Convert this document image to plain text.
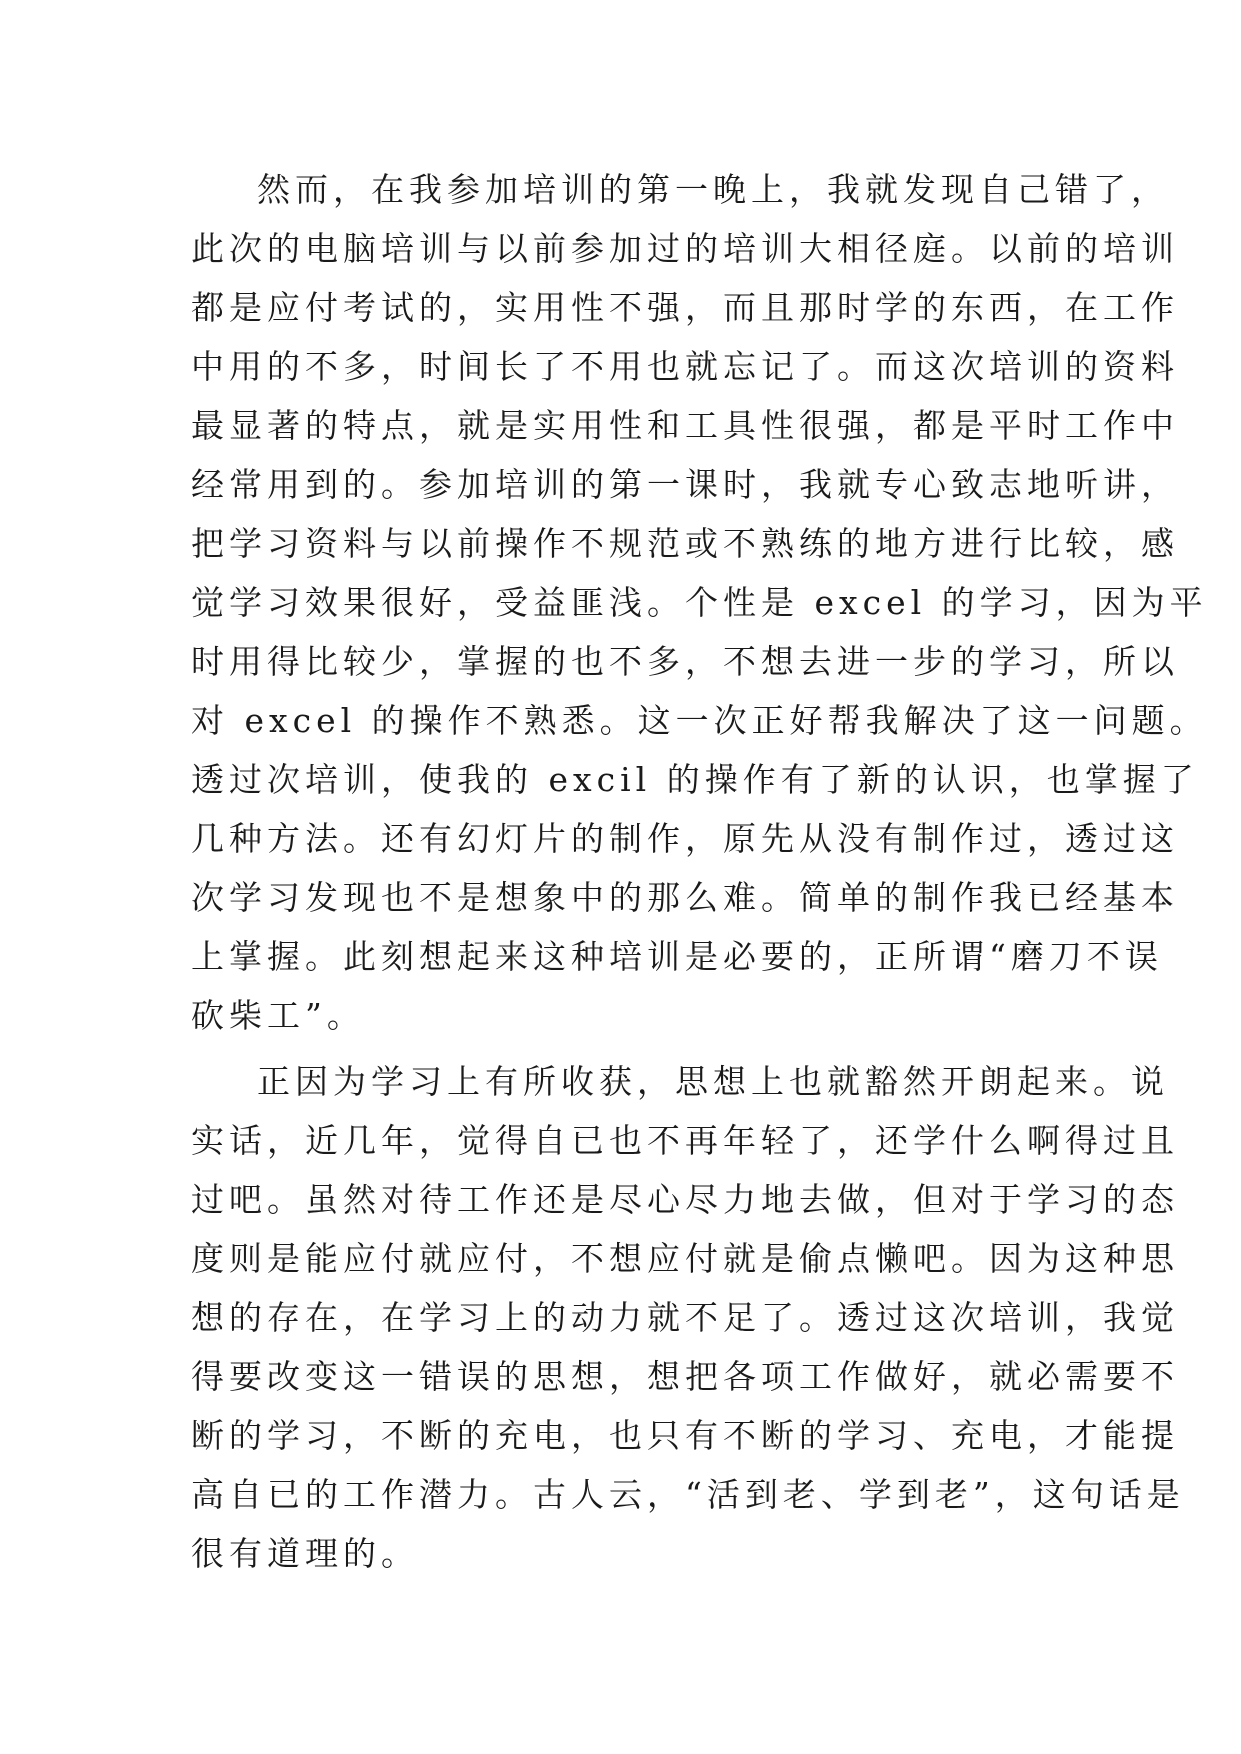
然而，在我参加培训的第一晚上，我就发现自己错了，
此次的电脑培训与以前参加过的培训大相径庭。以前的培训
都是应付考试的，实用性不强，而且那时学的东西，在工作
中用的不多，时间长了不用也就忘记了。而这次培训的资料
最显著的特点，就是实用性和工具性很强，都是平时工作中
经常用到的。参加培训的第一课时，我就专心致志地听讲，
把学习资料与以前操作不规范或不熟练的地方进行比较，感
觉学习效果很好，受益匪浅。个性是 excel 的学习，因为平
时用得比较少，掌握的也不多，不想去进一步的学习，所以
对 excel 的操作不熟悉。这一次正好帮我解决了这一问题。
透过次培训，使我的 excil 的操作有了新的认识，也掌握了
几种方法。还有幻灯片的制作，原先从没有制作过，透过这
次学习发现也不是想象中的那么难。简单的制作我已经基本
上掌握。此刻想起来这种培训是必要的，正所谓“磨刀不误
砍柴工”。
正因为学习上有所收获，思想上也就豁然开朗起来。说
实话，近几年，觉得自已也不再年轻了，还学什么啊得过且
过吧。虽然对待工作还是尽心尽力地去做，但对于学习的态
度则是能应付就应付，不想应付就是偷点懒吧。因为这种思
想的存在，在学习上的动力就不足了。透过这次培训，我觉
得要改变这一错误的思想，想把各项工作做好，就必需要不
断的学习，不断的充电，也只有不断的学习、充电，才能提
高自已的工作潜力。古人云，“活到老、学到老”，这句话是
很有道理的。
